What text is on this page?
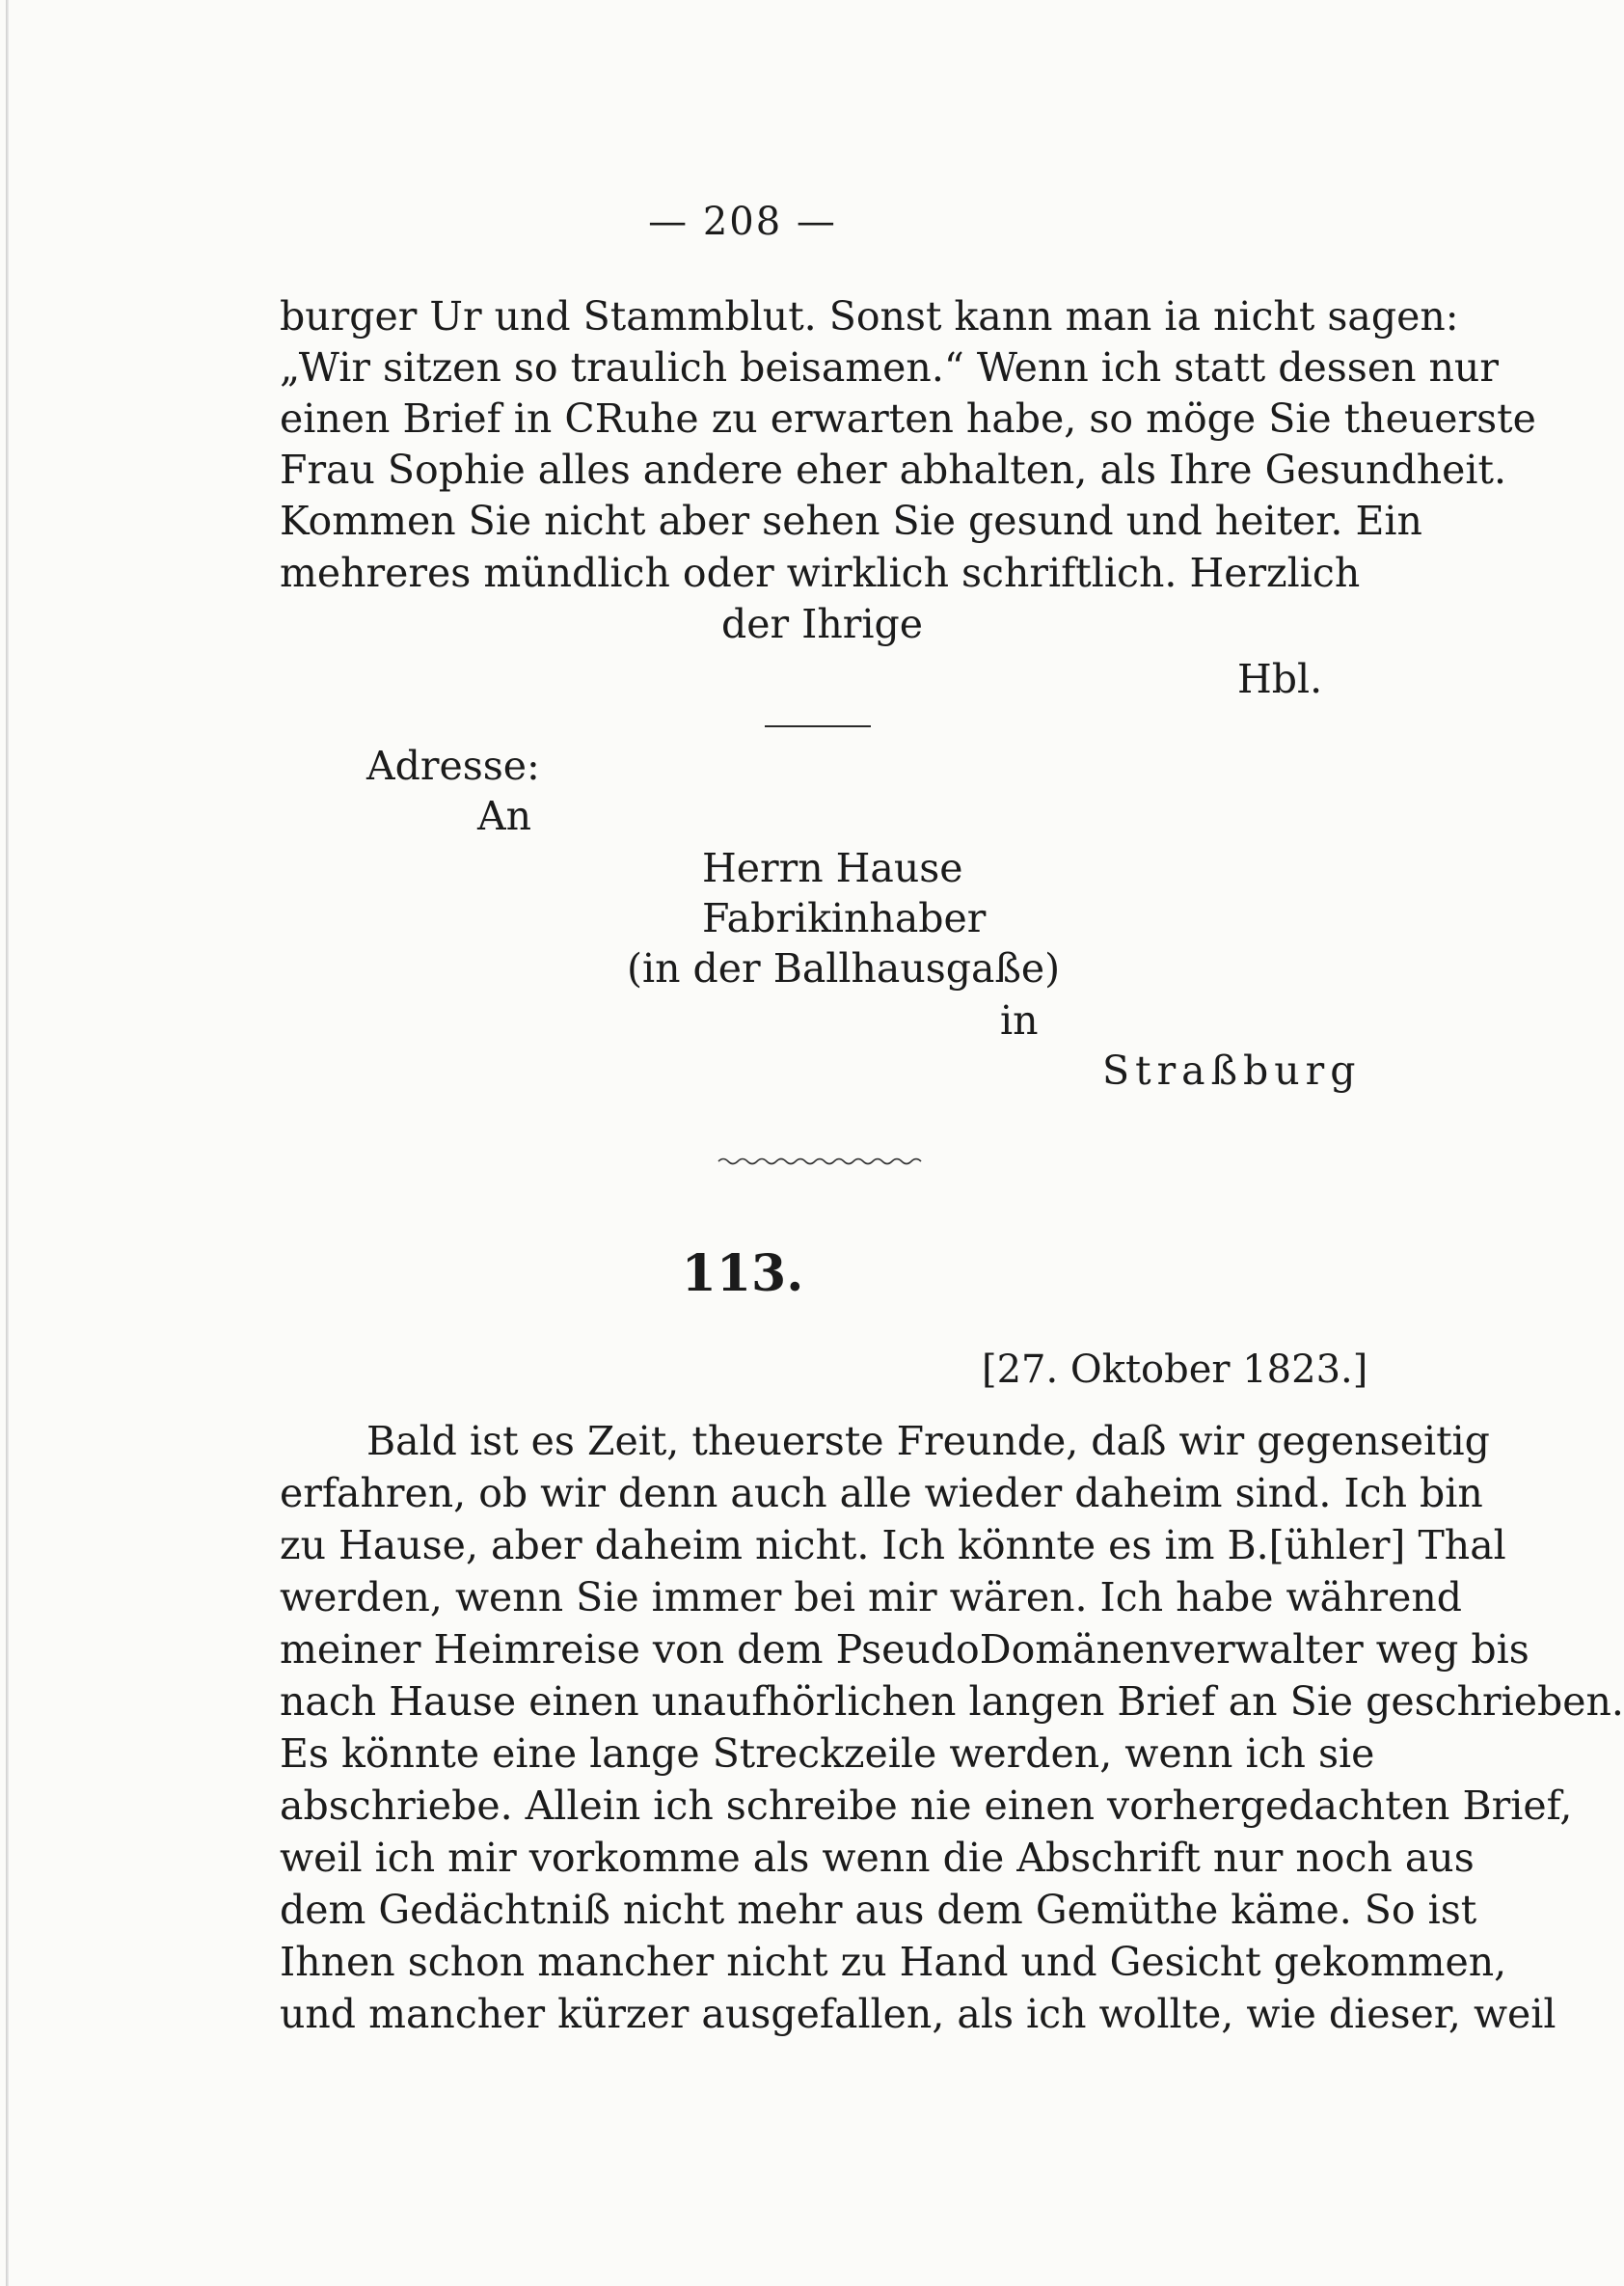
— 208 —
burger Ur und Stammblut. Sonst kann man ia nicht sagen:
„Wir sitzen so traulich beisamen.“ Wenn ich statt dessen nur
einen Brief in CRuhe zu erwarten habe, so möge Sie theuerste
Frau Sophie alles andere eher abhalten, als Ihre Gesundheit.
Kommen Sie nicht aber sehen Sie gesund und heiter. Ein
mehreres mündlich oder wirklich schriftlich. Herzlich
der Ihrige
Hbl.
Adresse:
An
Herrn Hause
Fabrikinhaber
(in der Ballhausgaße)
in
Straßburg
113.
[27. Oktober 1823.]
Bald ist es Zeit, theuerste Freunde, daß wir gegenseitig
erfahren, ob wir denn auch alle wieder daheim sind. Ich bin
zu Hause, aber daheim nicht. Ich könnte es im B.[ühler] Thal
werden, wenn Sie immer bei mir wären. Ich habe während
meiner Heimreise von dem PseudoDomänenverwalter weg bis
nach Hause einen unaufhörlichen langen Brief an Sie geschrieben.
Es könnte eine lange Streckzeile werden, wenn ich sie
abschriebe. Allein ich schreibe nie einen vorhergedachten Brief,
weil ich mir vorkomme als wenn die Abschrift nur noch aus
dem Gedächtniß nicht mehr aus dem Gemüthe käme. So ist
Ihnen schon mancher nicht zu Hand und Gesicht gekommen,
und mancher kürzer ausgefallen, als ich wollte, wie dieser, weil
